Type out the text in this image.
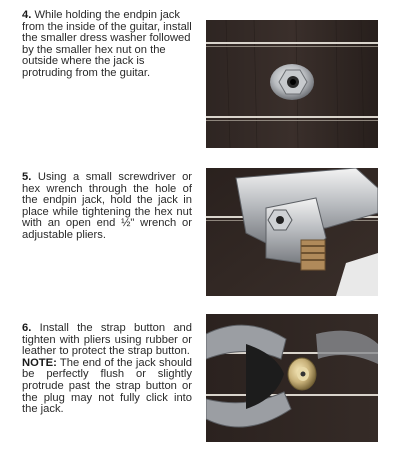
4. While holding the endpin jack from the inside of the guitar, install the smaller dress washer followed by the smaller hex nut on the outside where the jack is protruding from the guitar.

5. Using a small screwdriver or hex wrench through the hole of the endpin jack, hold the jack in place while tightening the hex nut with an open end ½" wrench or adjustable pliers.

6. Install the strap button and tighten with pliers using rubber or leather to protect the strap button.

NOTE: The end of the jack should be perfectly flush or slightly protrude past the strap button or the plug may not fully click into the jack.
